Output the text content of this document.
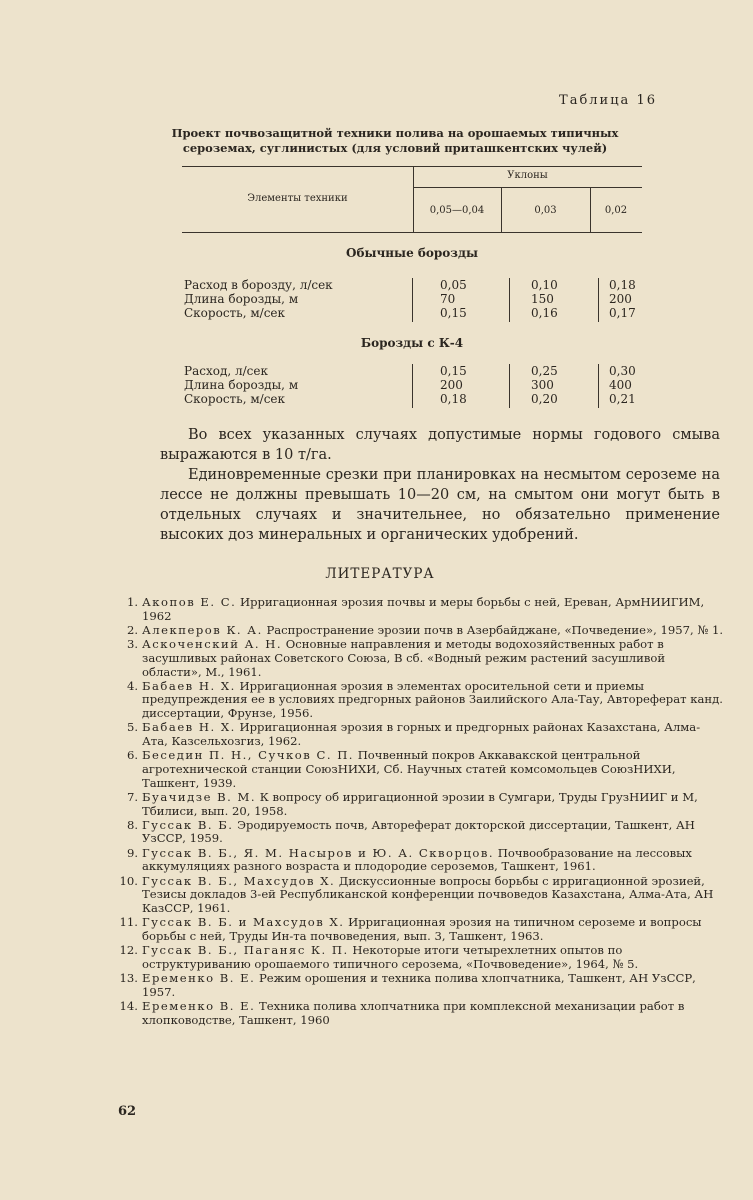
Таблица 16
Проект почвозащитной техники полива на орошаемых типичных сероземах, суглинистых (для условий приташкентских чулей)
Элементы техники
Уклоны
0,05—0,04	0,03	0,02
Обычные борозды
Расход в борозду, л/сек	0,05	0,10	0,18
Длина борозды, м	70	150	200
Скорость, м/сек	0,15	0,16	0,17
Борозды с К-4
Расход, л/сек	0,15	0,25	0,30
Длина борозды, м	200	300	400
Скорость, м/сек	0,18	0,20	0,21

Во всех указанных случаях допустимые нормы годового смыва выражаются в 10 т/га.

Единовременные срезки при планировках на несмытом сероземе на лессе не должны превышать 10—20 см, на смытом они могут быть в отдельных случаях и значительнее, но обязательно применение высоких доз минеральных и органических удобрений.

ЛИТЕРАТУРА
1. Акопов Е. С. Ирригационная эрозия почвы и меры борьбы с ней, Ереван, АрмНИИГИМ, 1962
2. Алекперов К. А. Распространение эрозии почв в Азербайджане, «Почведение», 1957, № 1.
3. Аскоченский А. Н. Основные направления и методы водохозяйственных работ в засушливых районах Советского Союза, В сб. «Водный режим растений засушливой области», М., 1961.
4. Бабаев Н. Х. Ирригационная эрозия в элементах оросительной сети и приемы предупреждения ее в условиях предгорных районов Заилийского Ала-Тау, Автореферат канд. диссертации, Фрунзе, 1956.
5. Бабаев Н. Х. Ирригационная эрозия в горных и предгорных районах Казахстана, Алма-Ата, Казсельхозгиз, 1962.
6. Беседин П. Н., Сучков С. П. Почвенный покров Аккавакской центральной агротехнической станции СоюзНИХИ, Сб. Научных статей комсомольцев СоюзНИХИ, Ташкент, 1939.
7. Буачидзе В. М. К вопросу об ирригационной эрозии в Сумгари, Труды ГрузНИИГ и М, Тбилиси, вып. 20, 1958.
8. Гуссак В. Б. Эродируемость почв, Автореферат докторской диссертации, Ташкент, АН УзССР, 1959.
9. Гуссак В. Б., Я. М. Насыров и Ю. А. Скворцов. Почвообразование на лессовых аккумуляциях разного возраста и плодородие сероземов, Ташкент, 1961.
10. Гуссак В. Б., Махсудов Х. Дискуссионные вопросы борьбы с ирригационной эрозией, Тезисы докладов 3-ей Республиканской конференции почвоведов Казахстана, Алма-Ата, АН КазССР, 1961.
11. Гуссак В. Б. и Махсудов Х. Ирригационная эрозия на типичном сероземе и вопросы борьбы с ней, Труды Ин-та почвоведения, вып. 3, Ташкент, 1963.
12. Гуссак В. Б., Паганяс К. П. Некоторые итоги четырехлетних опытов по оструктуриванию орошаемого типичного серозема, «Почвоведение», 1964, № 5.
13. Еременко В. Е. Режим орошения и техника полива хлопчатника, Ташкент, АН УзССР, 1957.
14. Еременко В. Е. Техника полива хлопчатника при комплексной механизации работ в хлопководстве, Ташкент, 1960
62
